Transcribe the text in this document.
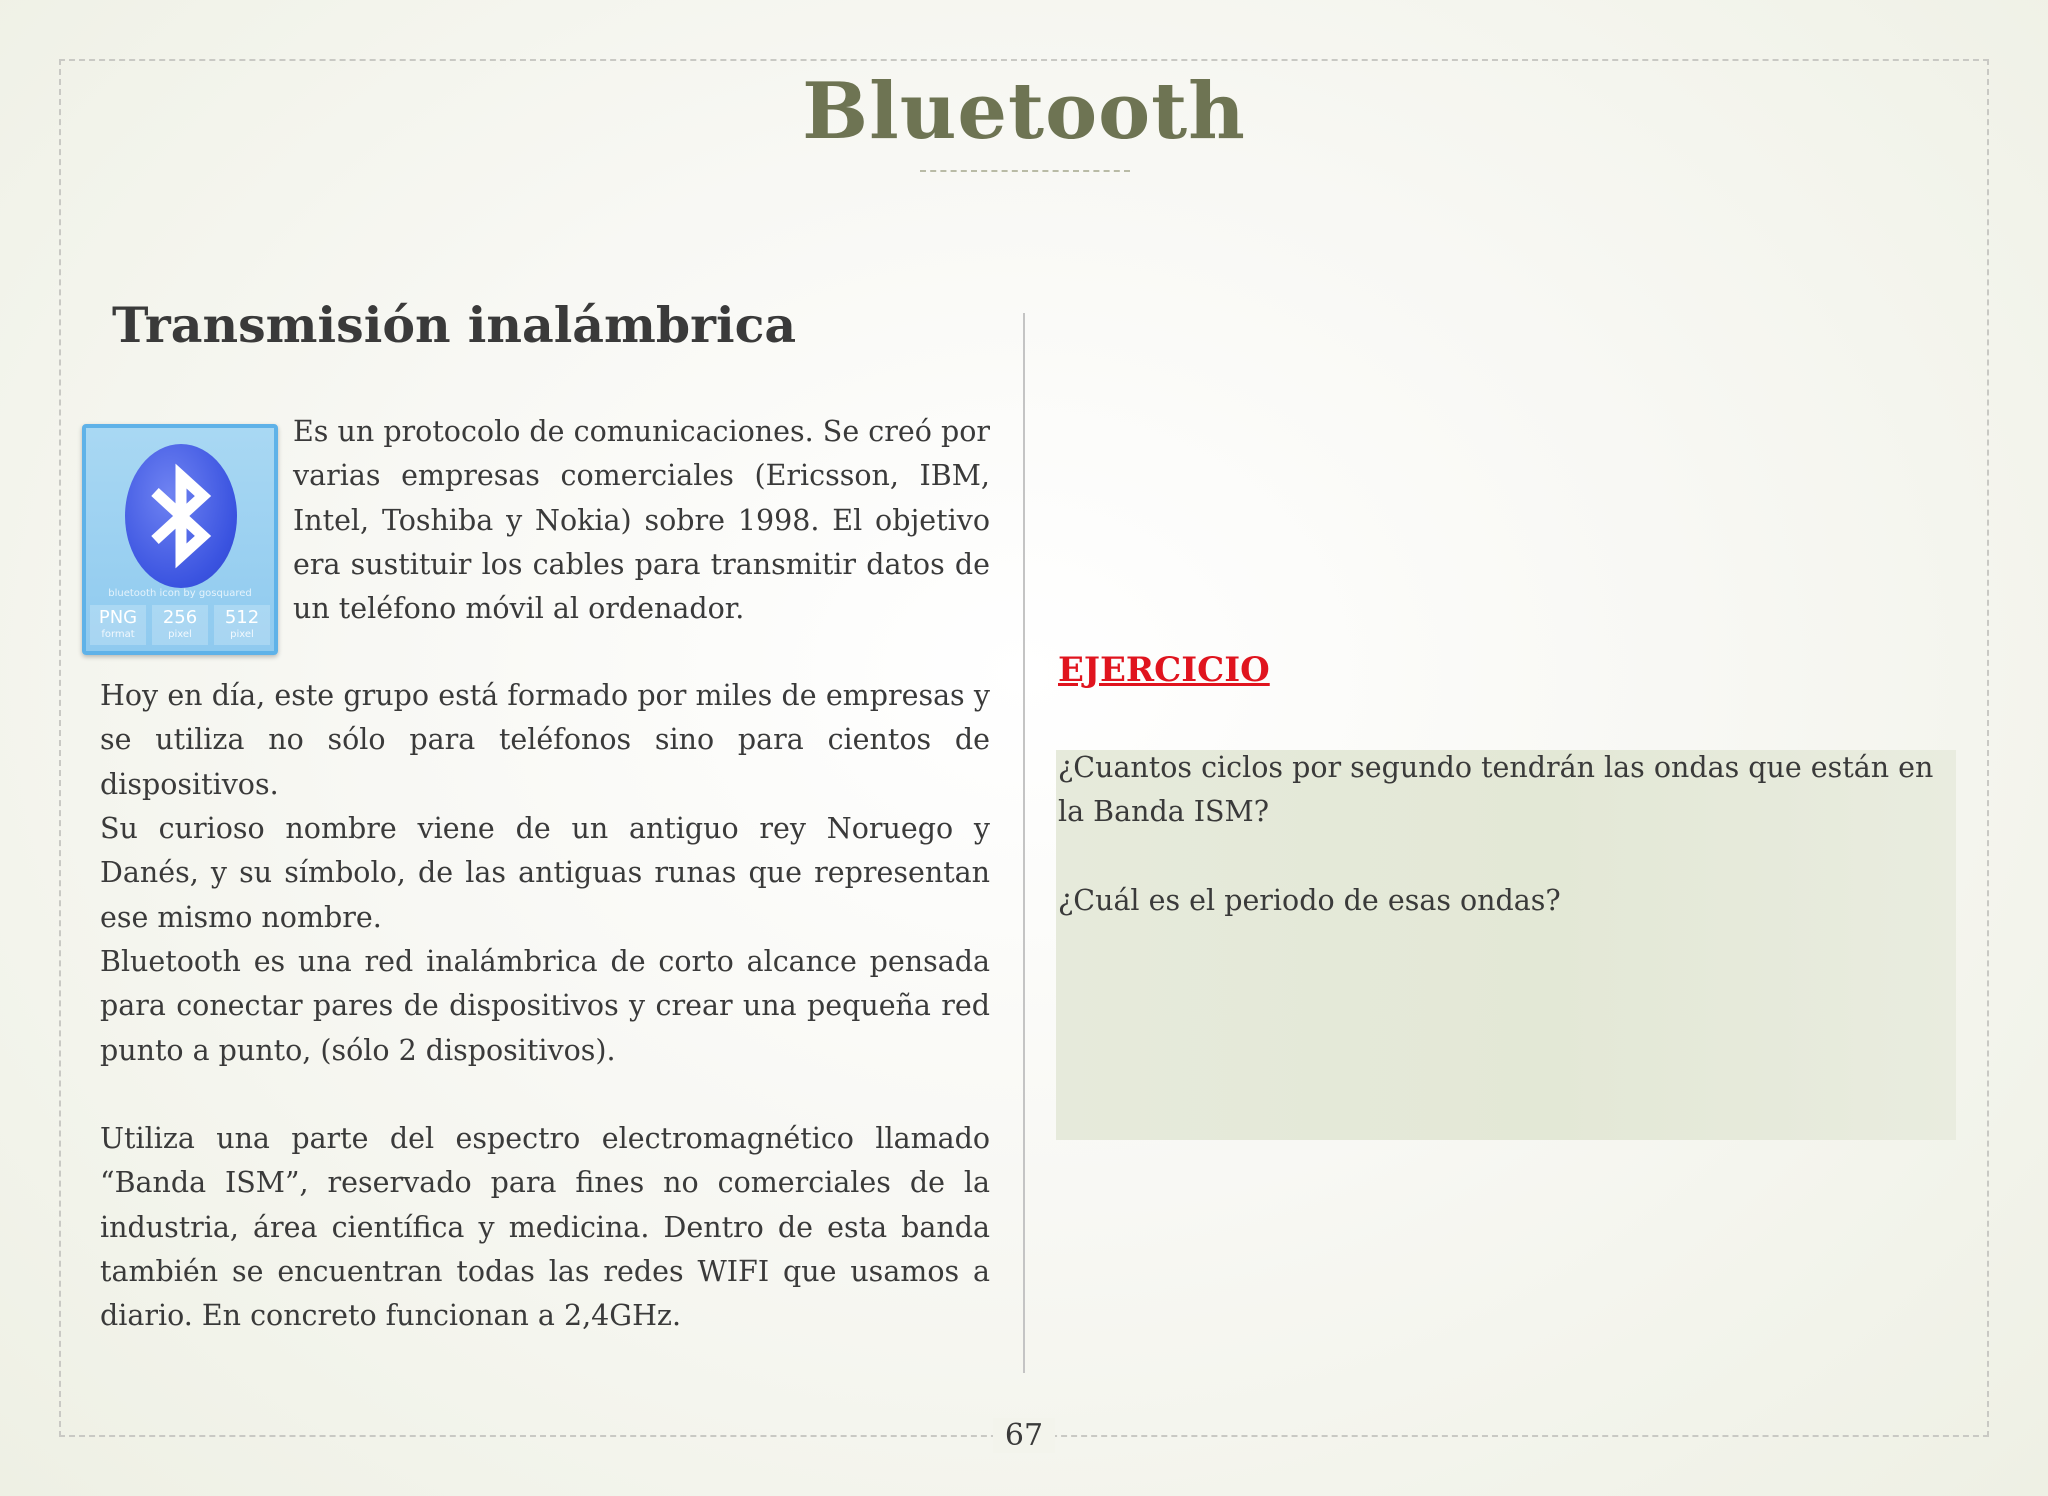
Bluetooth
Transmisión inalámbrica
bluetooth icon by gosquared
PNG
format
256
pixel
512
pixel

Es un protocolo de comunicaciones. Se creó por varias empresas comerciales (Ericsson, IBM, Intel, Toshiba y Nokia) sobre 1998. El objetivo era sustituir los cables para transmitir datos de un teléfono móvil al ordenador.

Hoy en día, este grupo está formado por miles de empresas y se utiliza no sólo para teléfonos sino para cientos de dispositivos.

Su curioso nombre viene de un antiguo rey Noruego y Danés, y su símbolo, de las antiguas runas que representan ese mismo nombre.

Bluetooth es una red inalámbrica de corto alcance pensada para conectar pares de dispositivos y crear una pequeña red punto a punto, (sólo 2 dispositivos).

Utiliza una parte del espectro electromagnético llamado “Banda ISM”, reservado para fines no comerciales de la industria, área científica y medicina. Dentro de esta banda también se encuentran todas las redes WIFI que usamos a diario. En concreto funcionan a 2,4GHz.

EJERCICIO

¿Cuantos ciclos por segundo tendrán las ondas que están en la Banda ISM?

¿Cuál es el periodo de esas ondas?

67
